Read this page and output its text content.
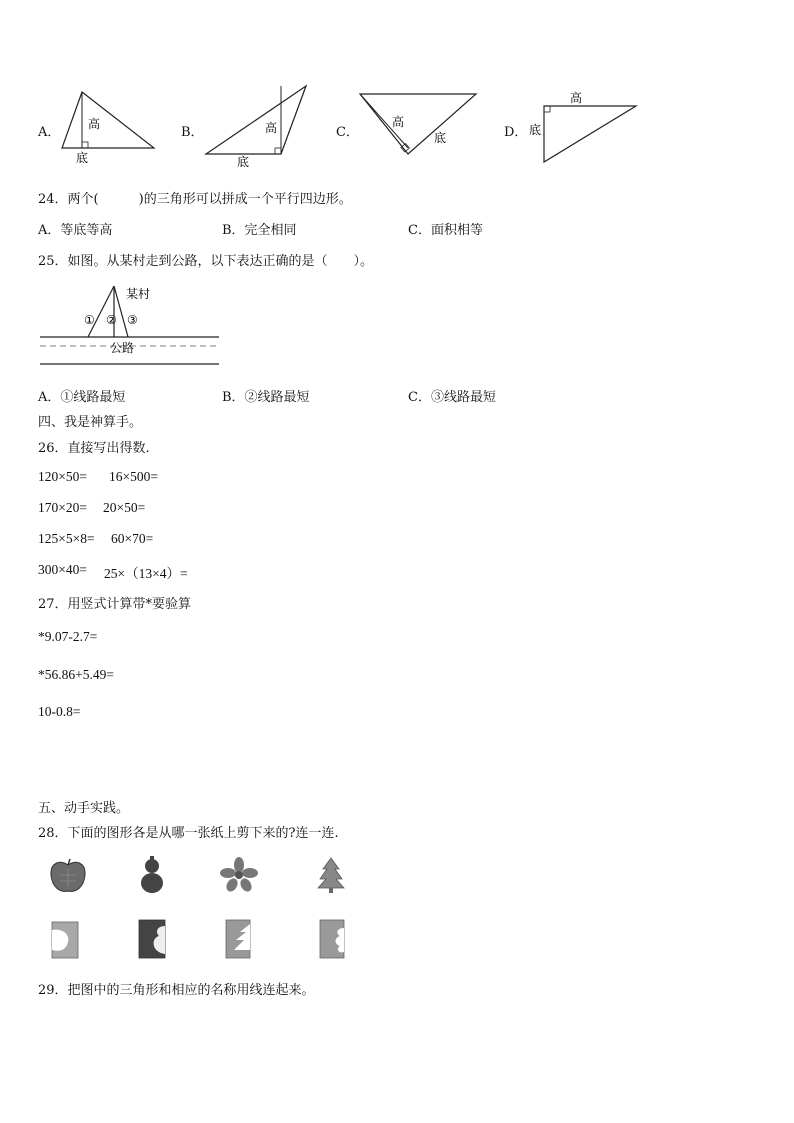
A．
高
底
B．	高
底
C．
高
底	D．
高
底
24．两个(	)的三角形可以拼成一个平行四边形。
A．等底等高	B．完全相同	C．面积相等
25．如图。从某村走到公路，以下表达正确的是（　　）。
某村
① ② ③
公路
A．①线路最短	B．②线路最短	C．③线路最短
四、我是神算手。
26．直接写出得数.
120×50= 16×500=
170×20= 20×50=
125×5×8= 60×70=
300×40= 25×（13×4）=
27．用竖式计算带*要验算
*9.07-2.7=
*56.86+5.49=
10-0.8=
五、动手实践。
28．下面的图形各是从哪一张纸上剪下来的?连一连.
29．把图中的三角形和相应的名称用线连起来。
